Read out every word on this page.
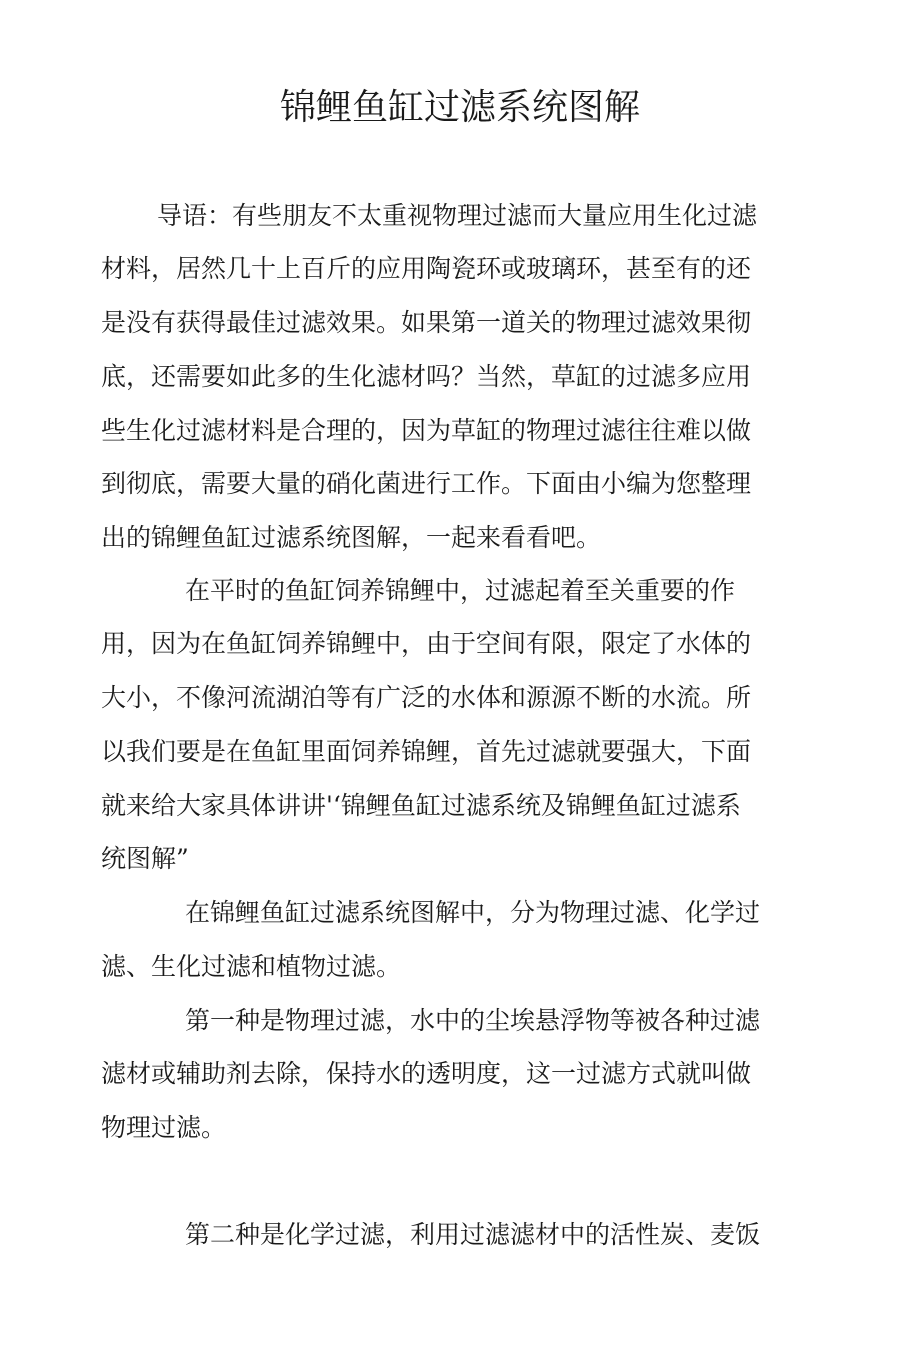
锦鲤鱼缸过滤系统图解

导语：有些朋友不太重视物理过滤而大量应用生化过滤

材料，居然几十上百斤的应用陶瓷环或玻璃环，甚至有的还

是没有获得最佳过滤效果。如果第一道关的物理过滤效果彻

底，还需要如此多的生化滤材吗？当然，草缸的过滤多应用

些生化过滤材料是合理的，因为草缸的物理过滤往往难以做

到彻底，需要大量的硝化菌进行工作。下面由小编为您整理

出的锦鲤鱼缸过滤系统图解，一起来看看吧。

在平时的鱼缸饲养锦鲤中，过滤起着至关重要的作

用，因为在鱼缸饲养锦鲤中，由于空间有限，限定了水体的

大小，不像河流湖泊等有广泛的水体和源源不断的水流。所

以我们要是在鱼缸里面饲养锦鲤，首先过滤就要强大，下面

就来给大家具体讲讲'‘锦鲤鱼缸过滤系统及锦鲤鱼缸过滤系

统图解”

在锦鲤鱼缸过滤系统图解中，分为物理过滤、化学过

滤、生化过滤和植物过滤。

第一种是物理过滤，水中的尘埃悬浮物等被各种过滤

滤材或辅助剂去除，保持水的透明度，这一过滤方式就叫做

物理过滤。

第二种是化学过滤，利用过滤滤材中的活性炭、麦饭
